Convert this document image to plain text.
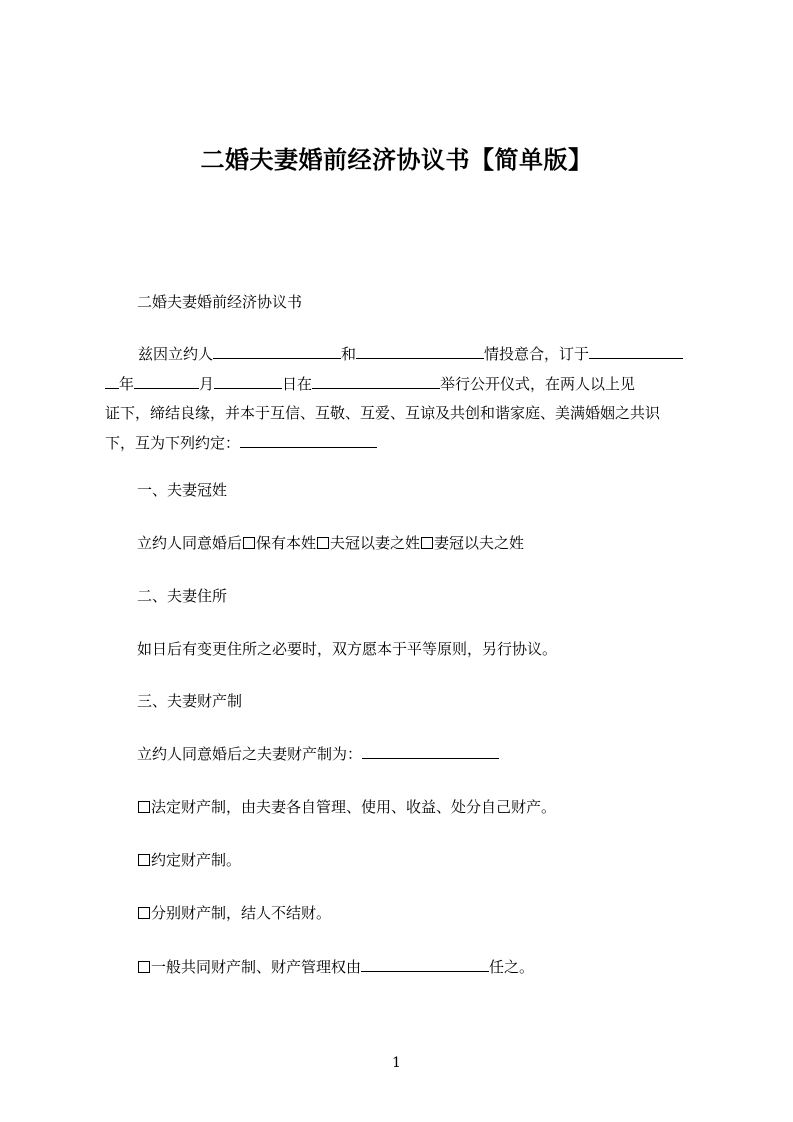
二婚夫妻婚前经济协议书【简单版】
二婚夫妻婚前经济协议书
兹因立约人	和	情投意合，订于
年	月	日在	举行公开仪式，在两人以上见
证下，缔结良缘，并本于互信、互敬、互爱、互谅及共创和谐家庭、美满婚姻之共识
下，互为下列约定：
一、夫妻冠姓
立约人同意婚后 保有本姓 夫冠以妻之姓 妻冠以夫之姓
二、夫妻住所
如日后有变更住所之必要时，双方愿本于平等原则，另行协议。
三、夫妻财产制
立约人同意婚后之夫妻财产制为：
法定财产制，由夫妻各自管理、使用、收益、处分自己财产。
约定财产制。
分别财产制，结人不结财。
一般共同财产制、财产管理权由	任之。
1
